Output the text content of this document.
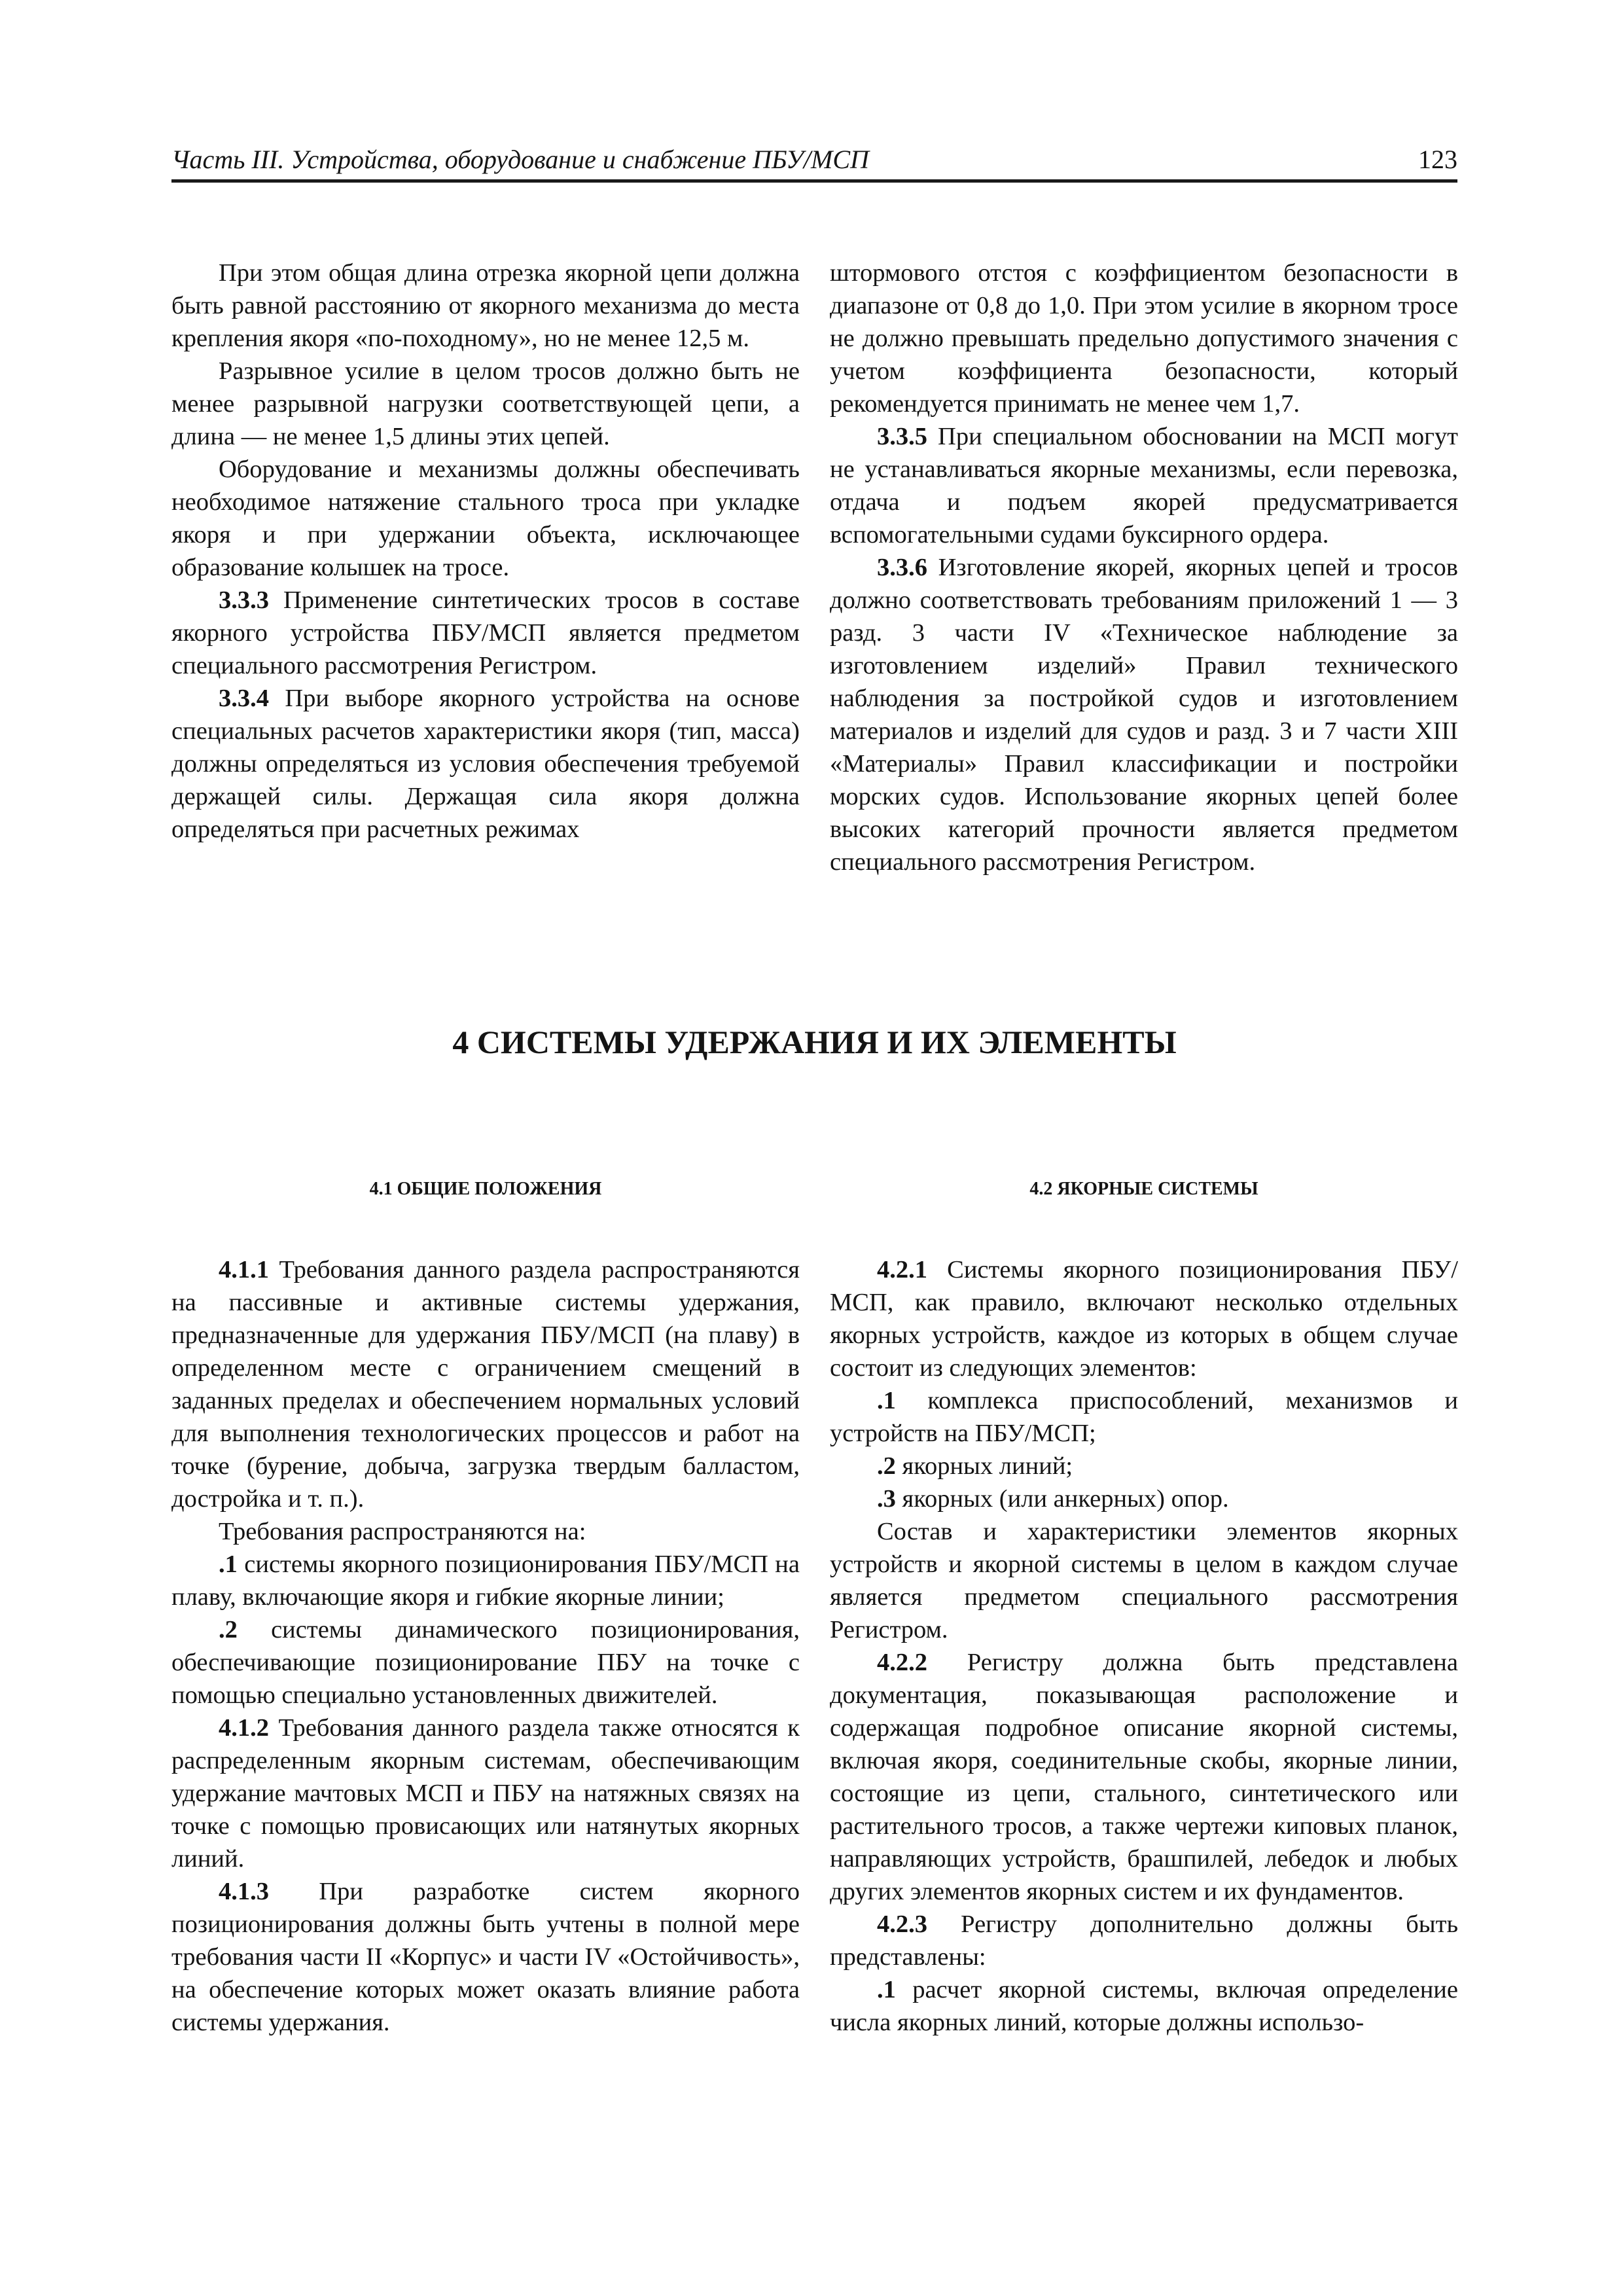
Часть III. Устройства, оборудование и снабжение ПБУ/МСП	123

При этом общая длина отрезка якорной цепи должна быть равной расстоянию от якорного механизма до места крепления якоря «по-походному», но не менее 12,5 м.

Разрывное усилие в целом тросов должно быть не менее разрывной нагрузки соответствующей цепи, а длина — не менее 1,5 длины этих цепей.

Оборудование и механизмы должны обеспечивать необходимое натяжение стального троса при укладке якоря и при удержании объекта, исключающее образование колышек на тросе.

3.3.3 Применение синтетических тросов в составе якорного устройства ПБУ/МСП является предметом специального рассмотрения Регистром.

3.3.4 При выборе якорного устройства на основе специальных расчетов характеристики якоря (тип, масса) должны определяться из условия обеспечения требуемой держащей силы. Держащая сила якоря должна определяться при расчетных режимах

штормового отстоя с коэффициентом безопасности в диапазоне от 0,8 до 1,0. При этом усилие в якорном тросе не должно превышать предельно допустимого значения с учетом коэффициента безопасности, который рекомендуется принимать не менее чем 1,7.

3.3.5 При специальном обосновании на МСП могут не устанавливаться якорные механизмы, если перевозка, отдача и подъем якорей предусматривается вспомогательными судами буксирного ордера.

3.3.6 Изготовление якорей, якорных цепей и тросов должно соответствовать требованиям приложений 1 — 3 разд. 3 части IV «Техническое наблюдение за изготовлением изделий» Правил технического наблюдения за постройкой судов и изготовлением материалов и изделий для судов и разд. 3 и 7 части XIII «Материалы» Правил классификации и постройки морских судов. Использование якорных цепей более высоких категорий прочности является предметом специального рассмотрения Регистром.

4 СИСТЕМЫ УДЕРЖАНИЯ И ИХ ЭЛЕМЕНТЫ
4.1 ОБЩИЕ ПОЛОЖЕНИЯ	4.2 ЯКОРНЫЕ СИСТЕМЫ

4.1.1 Требования данного раздела распространяются на пассивные и активные системы удержания, предназначенные для удержания ПБУ/МСП (на плаву) в определенном месте с ограничением смещений в заданных пределах и обеспечением нормальных условий для выполнения технологических процессов и работ на точке (бурение, добыча, загрузка твердым балластом, достройка и т. п.).

Требования распространяются на:

.1 системы якорного позиционирования ПБУ/МСП на плаву, включающие якоря и гибкие якорные линии;

.2 системы динамического позиционирования, обеспечивающие позиционирование ПБУ на точке с помощью специально установленных движителей.

4.1.2 Требования данного раздела также относятся к распределенным якорным системам, обеспечивающим удержание мачтовых МСП и ПБУ на натяжных связях на точке с помощью провисающих или натянутых якорных линий.

4.1.3 При разработке систем якорного позиционирования должны быть учтены в полной мере требования части II «Корпус» и части IV «Остойчивость», на обеспечение которых может оказать влияние работа системы удержания.

4.2.1 Системы якорного позиционирования ПБУ/МСП, как правило, включают несколько отдельных якорных устройств, каждое из которых в общем случае состоит из следующих элементов:

.1 комплекса приспособлений, механизмов и устройств на ПБУ/МСП;

.2 якорных линий;

.3 якорных (или анкерных) опор.

Состав и характеристики элементов якорных устройств и якорной системы в целом в каждом случае является предметом специального рассмотрения Регистром.

4.2.2 Регистру должна быть представлена документация, показывающая расположение и содержащая подробное описание якорной системы, включая якоря, соединительные скобы, якорные линии, состоящие из цепи, стального, синтетического или растительного тросов, а также чертежи киповых планок, направляющих устройств, брашпилей, лебедок и любых других элементов якорных систем и их фундаментов.

4.2.3 Регистру дополнительно должны быть представлены:

.1 расчет якорной системы, включая определение числа якорных линий, которые должны использо-
